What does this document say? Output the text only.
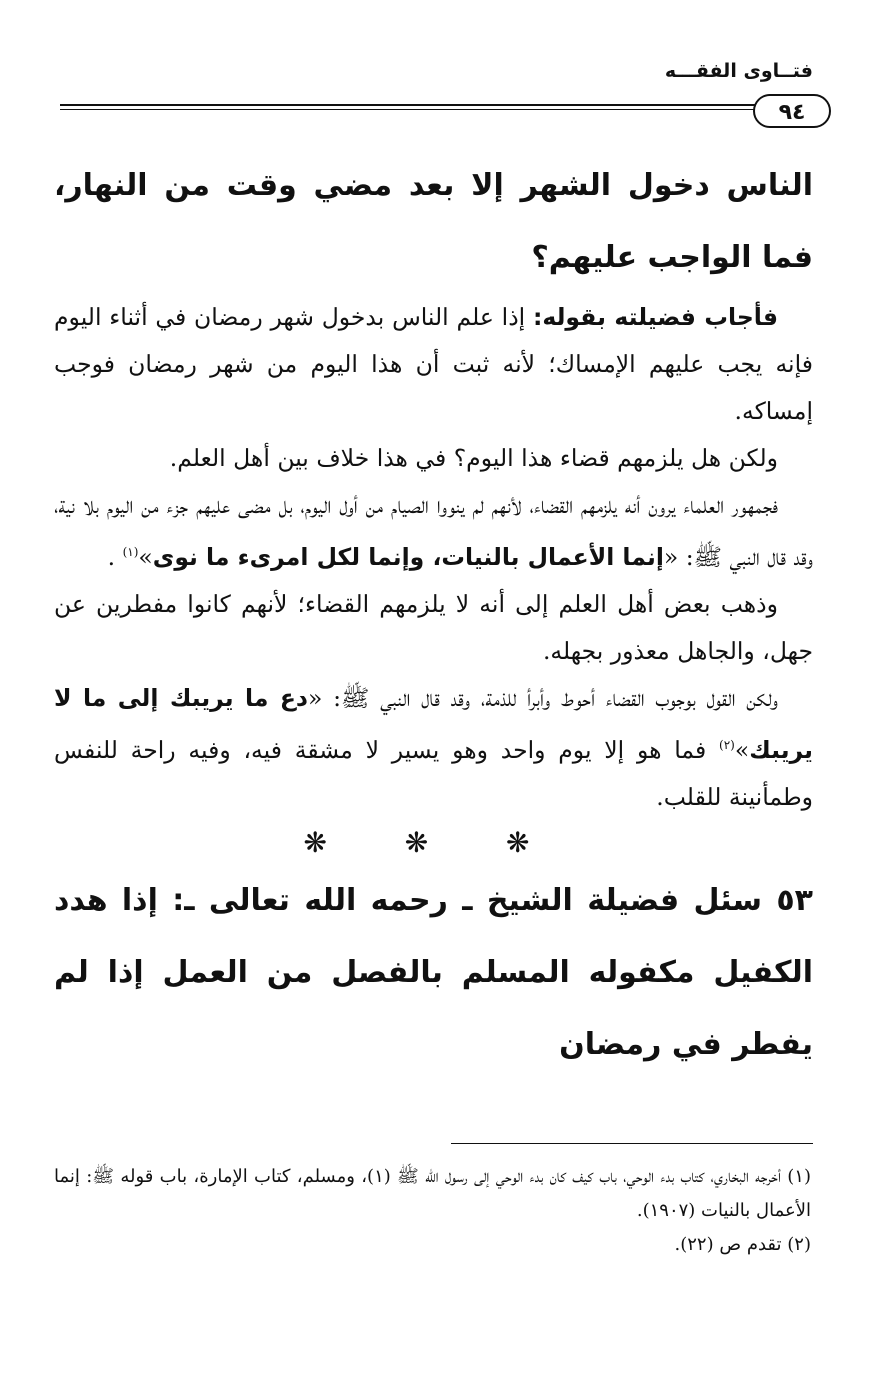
فتــاوى الفقـــه
٩٤

الناس دخول الشهر إلا بعد مضي وقت من النهار، فما الواجب عليهم؟

فأجاب فضيلته بقوله: إذا علم الناس بدخول شهر رمضان في أثناء اليوم فإنه يجب عليهم الإمساك؛ لأنه ثبت أن هذا اليوم من شهر رمضان فوجب إمساكه.

ولكن هل يلزمهم قضاء هذا اليوم؟ في هذا خلاف بين أهل العلم.

فجمهور العلماء يرون أنه يلزمهم القضاء، لأنهم لم ينووا الصيام من أول اليوم، بل مضى عليهم جزء من اليوم بلا نية، وقد قال النبي ﷺ: «إنما الأعمال بالنيات، وإنما لكل امرىء ما نوى»$^{(١)}$ .

وذهب بعض أهل العلم إلى أنه لا يلزمهم القضاء؛ لأنهم كانوا مفطرين عن جهل، والجاهل معذور بجهله.

ولكن القول بوجوب القضاء أحوط وأبرأ للذمة، وقد قال النبي ﷺ: «دع ما يريبك إلى ما لا يريبك»$^{(٢)}$ فما هو إلا يوم واحد وهو يسير لا مشقة فيه، وفيه راحة للنفس وطمأنينة للقلب.

❋ ❋ ❋

٥٣ سئل فضيلة الشيخ ـ رحمه الله تعالى ـ: إذا هدد الكفيل مكفوله المسلم بالفصل من العمل إذا لم يفطر في رمضان

(١) أخرجه البخاري، كتاب بدء الوحي، باب كيف كان بدء الوحي إلى رسول الله ﷺ (١)، ومسلم، كتاب الإمارة، باب قوله ﷺ: إنما الأعمال بالنيات (١٩٠٧).

(٢) تقدم ص (٢٢).
